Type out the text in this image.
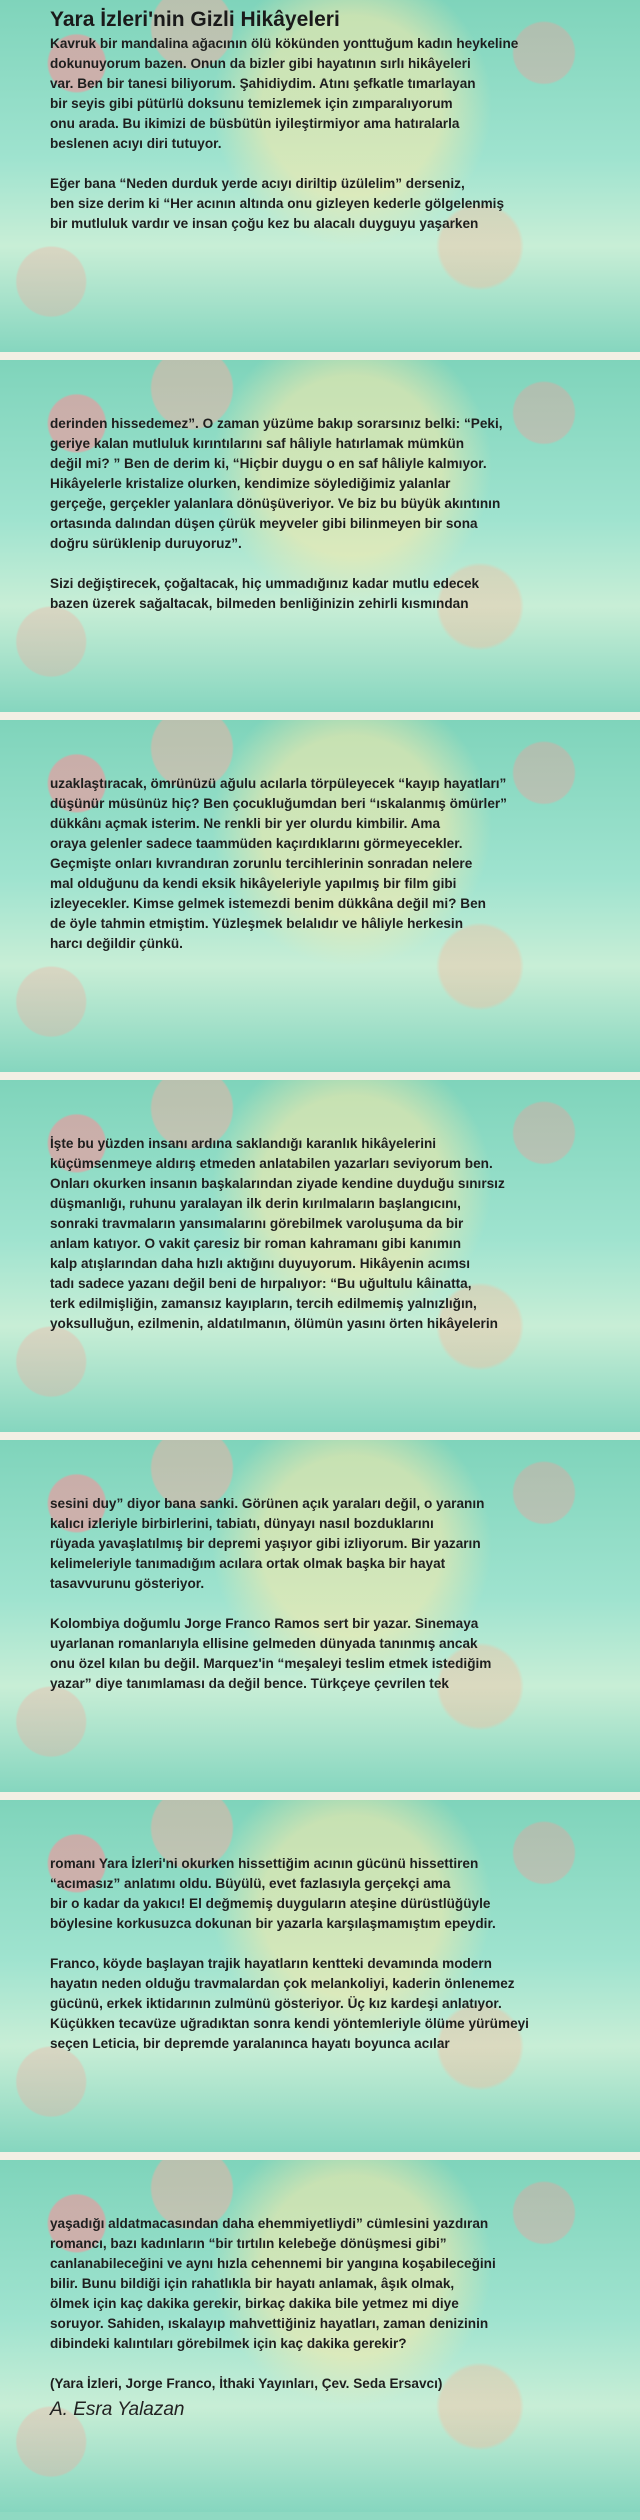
Yara İzleri'nin Gizli Hikâyeleri

Kavruk bir mandalina ağacının ölü kökünden yonttuğum kadın heykeline
dokunuyorum bazen. Onun da bizler gibi hayatının sırlı hikâyeleri
var. Ben bir tanesi biliyorum. Şahidiydim. Atını şefkatle tımarlayan
bir seyis gibi pütürlü doksunu temizlemek için zımparalıyorum
onu arada. Bu ikimizi de büsbütün iyileştirmiyor ama hatıralarla
beslenen acıyı diri tutuyor.

Eğer bana “Neden durduk yerde acıyı diriltip üzülelim” derseniz,
ben size derim ki “Her acının altında onu gizleyen kederle gölgelenmiş
bir mutluluk vardır ve insan çoğu kez bu alacalı duyguyu yaşarken

derinden hissedemez”. O zaman yüzüme bakıp sorarsınız belki: “Peki,
geriye kalan mutluluk kırıntılarını saf hâliyle hatırlamak mümkün
değil mi? ” Ben de derim ki, “Hiçbir duygu o en saf hâliyle kalmıyor.
Hikâyelerle kristalize olurken, kendimize söylediğimiz yalanlar
gerçeğe, gerçekler yalanlara dönüşüveriyor. Ve biz bu büyük akıntının
ortasında dalından düşen çürük meyveler gibi bilinmeyen bir sona
doğru sürüklenip duruyoruz”.

Sizi değiştirecek, çoğaltacak, hiç ummadığınız kadar mutlu edecek
bazen üzerek sağaltacak, bilmeden benliğinizin zehirli kısmından

uzaklaştıracak, ömrünüzü ağulu acılarla törpüleyecek “kayıp hayatları”
düşünür müsünüz hiç? Ben çocukluğumdan beri “ıskalanmış ömürler”
dükkânı açmak isterim. Ne renkli bir yer olurdu kimbilir. Ama
oraya gelenler sadece taammüden kaçırdıklarını görmeyecekler.
Geçmişte onları kıvrandıran zorunlu tercihlerinin sonradan nelere
mal olduğunu da kendi eksik hikâyeleriyle yapılmış bir film gibi
izleyecekler. Kimse gelmek istemezdi benim dükkâna değil mi? Ben
de öyle tahmin etmiştim. Yüzleşmek belalıdır ve hâliyle herkesin
harcı değildir çünkü.

İşte bu yüzden insanı ardına saklandığı karanlık hikâyelerini
küçümsenmeye aldırış etmeden anlatabilen yazarları seviyorum ben.
Onları okurken insanın başkalarından ziyade kendine duyduğu sınırsız
düşmanlığı, ruhunu yaralayan ilk derin kırılmaların başlangıcını,
sonraki travmaların yansımalarını görebilmek varoluşuma da bir
anlam katıyor. O vakit çaresiz bir roman kahramanı gibi kanımın
kalp atışlarından daha hızlı aktığını duyuyorum. Hikâyenin acımsı
tadı sadece yazanı değil beni de hırpalıyor: “Bu uğultulu kâinatta,
terk edilmişliğin, zamansız kayıpların, tercih edilmemiş yalnızlığın,
yoksulluğun, ezilmenin, aldatılmanın, ölümün yasını örten hikâyelerin

sesini duy” diyor bana sanki. Görünen açık yaraları değil, o yaranın
kalıcı izleriyle birbirlerini, tabiatı, dünyayı nasıl bozduklarını
rüyada yavaşlatılmış bir depremi yaşıyor gibi izliyorum. Bir yazarın
kelimeleriyle tanımadığım acılara ortak olmak başka bir hayat
tasavvurunu gösteriyor.

Kolombiya doğumlu Jorge Franco Ramos sert bir yazar. Sinemaya
uyarlanan romanlarıyla ellisine gelmeden dünyada tanınmış ancak
onu özel kılan bu değil. Marquez'in “meşaleyi teslim etmek istediğim
yazar” diye tanımlaması da değil bence. Türkçeye çevrilen tek

romanı Yara İzleri'ni okurken hissettiğim acının gücünü hissettiren
“acımasız” anlatımı oldu. Büyülü, evet fazlasıyla gerçekçi ama
bir o kadar da yakıcı! El değmemiş duyguların ateşine dürüstlüğüyle
böylesine korkusuzca dokunan bir yazarla karşılaşmamıştım epeydir.

Franco, köyde başlayan trajik hayatların kentteki devamında modern
hayatın neden olduğu travmalardan çok melankoliyi, kaderin önlenemez
gücünü, erkek iktidarının zulmünü gösteriyor. Üç kız kardeşi anlatıyor.
Küçükken tecavüze uğradıktan sonra kendi yöntemleriyle ölüme yürümeyi
seçen Leticia, bir depremde yaralanınca hayatı boyunca acılar

yaşadığı aldatmacasından daha ehemmiyetliydi” cümlesini yazdıran
romancı, bazı kadınların “bir tırtılın kelebeğe dönüşmesi gibi”
canlanabileceğini ve aynı hızla cehennemi bir yangına koşabileceğini
bilir. Bunu bildiği için rahatlıkla bir hayatı anlamak, âşık olmak,
ölmek için kaç dakika gerekir, birkaç dakika bile yetmez mi diye
soruyor. Sahiden, ıskalayıp mahvettiğiniz hayatları, zaman denizinin
dibindeki kalıntıları görebilmek için kaç dakika gerekir?

(Yara İzleri, Jorge Franco, İthaki Yayınları, Çev. Seda Ersavcı)

A. Esra Yalazan
